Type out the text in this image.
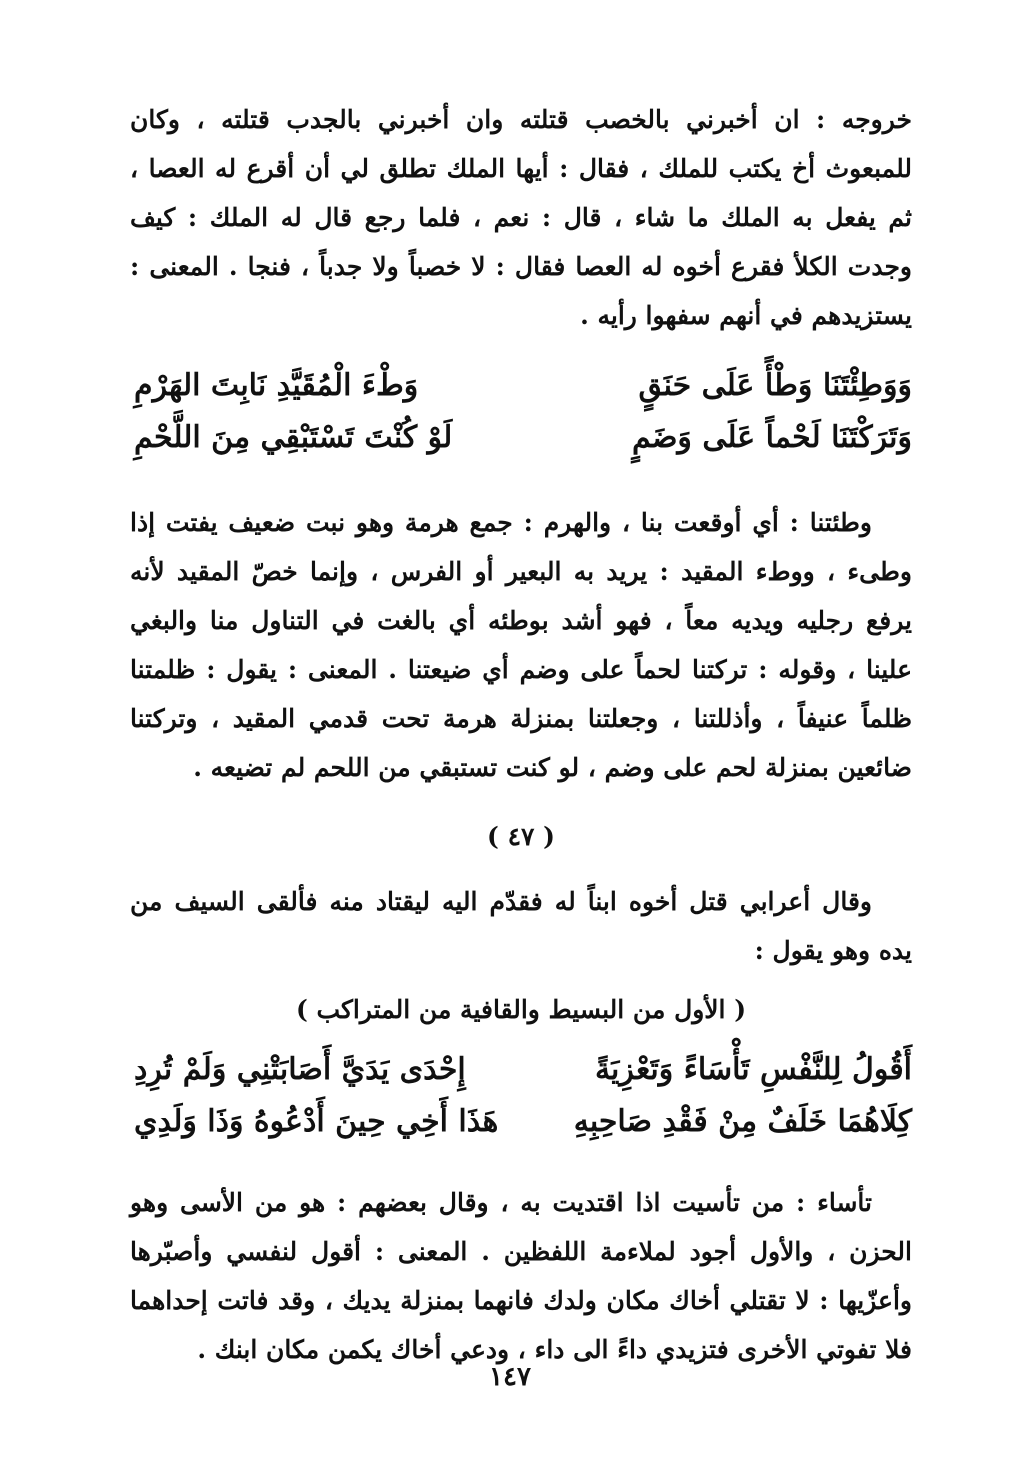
خروجه : ان أخبرني بالخصب قتلته وان أخبرني بالجدب قتلته ، وكان للمبعوث أخ يكتب للملك ، فقال : أيها الملك تطلق لي أن أقرع له العصا ، ثم يفعل به الملك ما شاء ، قال : نعم ، فلما رجع قال له الملك : كيف وجدت الكلأ فقرع أخوه له العصا فقال : لا خصباً ولا جدباً ، فنجا . المعنى : يستزيدهم في أنهم سفهوا رأيه .

وَوَطِئْتَنَا وَطْأً عَلَى حَنَقٍ
وَطْءَ الْمُقَيَّدِ نَابِتَ الهَرْمِ
وَتَرَكْتَنَا لَحْماً عَلَى وَضَمٍ
لَوْ كُنْتَ تَسْتَبْقِي مِنَ اللَّحْمِ

وطئتنا : أي أوقعت بنا ، والهرم : جمع هرمة وهو نبت ضعيف يفتت إذا وطىء ، ووطء المقيد : يريد به البعير أو الفرس ، وإنما خصّ المقيد لأنه يرفع رجليه ويديه معاً ، فهو أشد بوطئه أي بالغت في التناول منا والبغي علينا ، وقوله : تركتنا لحماً على وضم أي ضيعتنا . المعنى : يقول : ظلمتنا ظلماً عنيفاً ، وأذللتنا ، وجعلتنا بمنزلة هرمة تحت قدمي المقيد ، وتركتنا ضائعين بمنزلة لحم على وضم ، لو كنت تستبقي من اللحم لم تضيعه .

( ٤٧ )

وقال أعرابي قتل أخوه ابناً له فقدّم اليه ليقتاد منه فألقى السيف من يده وهو يقول :

( الأول من البسيط والقافية من المتراكب )

أَقُولُ لِلنَّفْسِ تَأْسَاءً وَتَعْزِيَةً
إِحْدَى يَدَيَّ أَصَابَتْنِي وَلَمْ تُرِدِ
كِلَاهُمَا خَلَفٌ مِنْ فَقْدِ صَاحِبِهِ
هَذَا أَخِي حِينَ أَدْعُوهُ وَذَا وَلَدِي

تأساء : من تأسيت اذا اقتديت به ، وقال بعضهم : هو من الأسى وهو الحزن ، والأول أجود لملاءمة اللفظين . المعنى : أقول لنفسي وأصبّرها وأعزّيها : لا تقتلي أخاك مكان ولدك فانهما بمنزلة يديك ، وقد فاتت إحداهما فلا تفوتي الأخرى فتزيدي داءً الى داء ، ودعي أخاك يكمن مكان ابنك .

١٤٧
